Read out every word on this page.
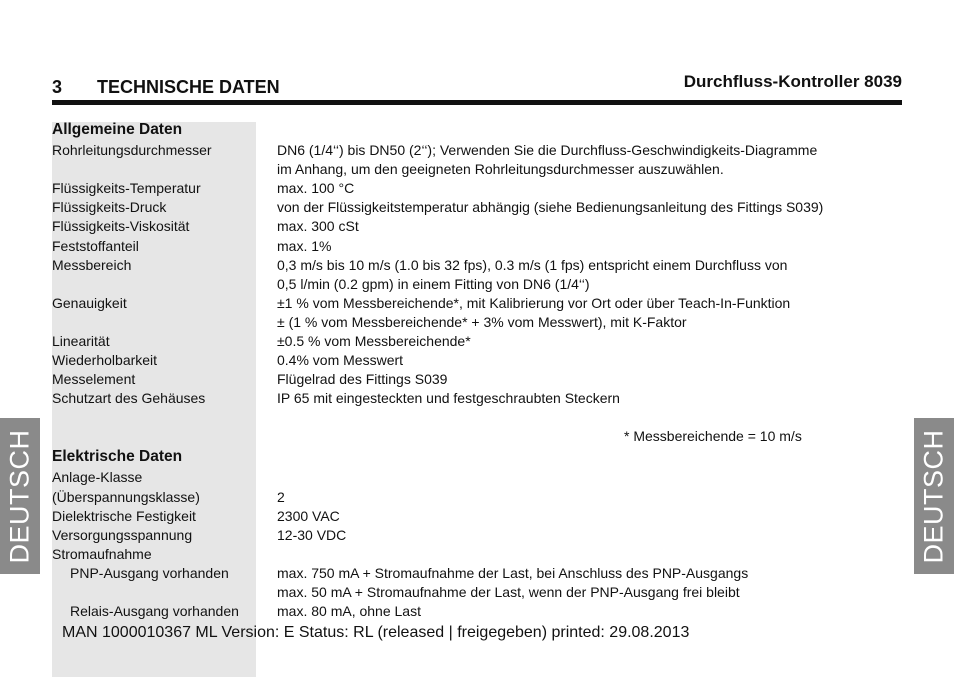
3 TECHNISCHE DATEN	Durchfluss-Kontroller 8039
Allgemeine Daten
Rohrleitungsdurchmesser	DN6 (1/4‘‘) bis DN50 (2‘‘); Verwenden Sie die Durchfluss-Geschwindigkeits-Diagramme
im Anhang, um den geeigneten Rohrleitungsdurchmesser auszuwählen.
Flüssigkeits-Temperatur	max. 100 °C
Flüssigkeits-Druck	von der Flüssigkeitstemperatur abhängig (siehe Bedienungsanleitung des Fittings S039)
Flüssigkeits-Viskosität	max. 300 cSt
Feststoffanteil	max. 1%
Messbereich	0,3 m/s bis 10 m/s (1.0 bis 32 fps), 0.3 m/s (1 fps) entspricht einem Durchfluss von
0,5 l/min (0.2 gpm) in einem Fitting von DN6 (1/4‘‘)
Genauigkeit	±1 % vom Messbereichende*, mit Kalibrierung vor Ort oder über Teach-In-Funktion
± (1 % vom Messbereichende* + 3% vom Messwert), mit K-Faktor
Linearität	±0.5 % vom Messbereichende*
Wiederholbarkeit	0.4% vom Messwert
Messelement	Flügelrad des Fittings S039
Schutzart des Gehäuses	IP 65 mit eingesteckten und festgeschraubten Steckern
* Messbereichende = 10 m/s
Elektrische Daten
Anlage-Klasse
(Überspannungsklasse)	2
Dielektrische Festigkeit	2300 VAC
Versorgungsspannung	12-30 VDC
Stromaufnahme
PNP-Ausgang vorhanden	max. 750 mA + Stromaufnahme der Last, bei Anschluss des PNP-Ausgangs
max. 50 mA + Stromaufnahme der Last, wenn der PNP-Ausgang frei bleibt
Relais-Ausgang vorhanden	max. 80 mA, ohne Last
DEUTSCH	DEUTSCH
MAN 1000010367 ML Version: E Status: RL (released | freigegeben) printed: 29.08.2013
